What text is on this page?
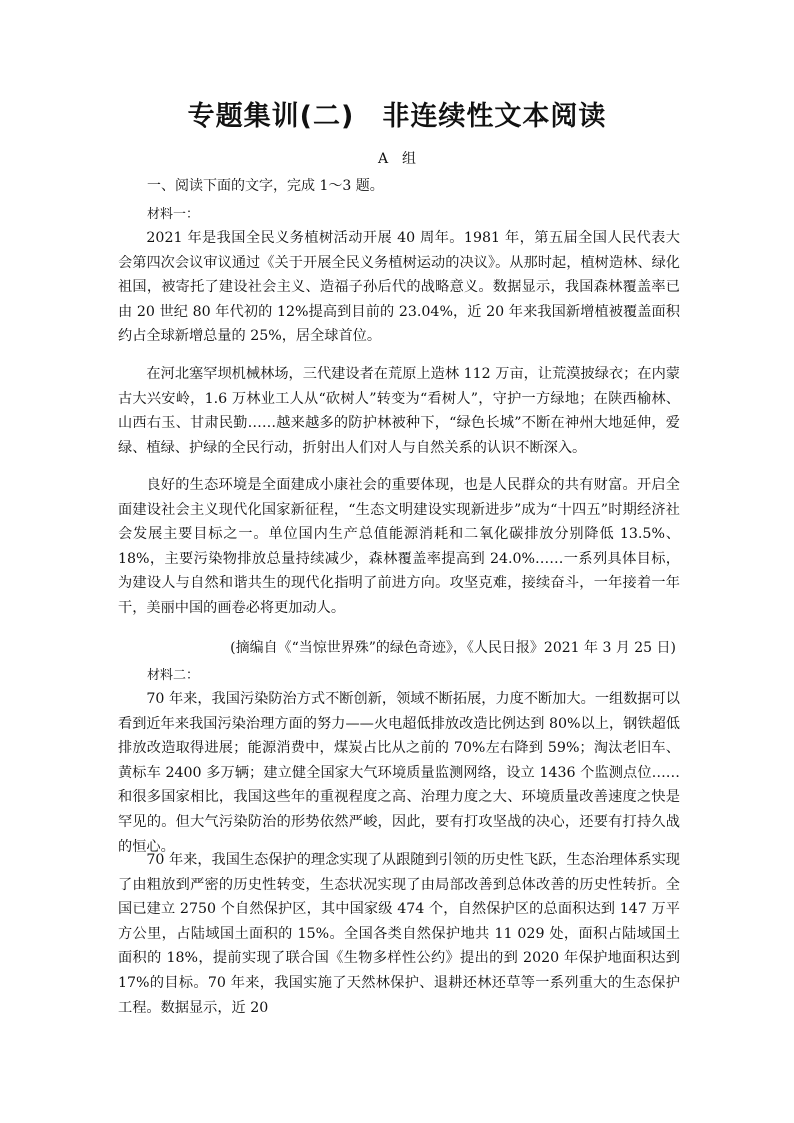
专题集训(二)　非连续性文本阅读
A　组
一、阅读下面的文字，完成 1～3 题。
材料一：

2021 年是我国全民义务植树活动开展 40 周年。1981 年，第五届全国人民代表大会第四次会议审议通过《关于开展全民义务植树运动的决议》。从那时起，植树造林、绿化祖国，被寄托了建设社会主义、造福子孙后代的战略意义。数据显示，我国森林覆盖率已由 20 世纪 80 年代初的 12%提高到目前的 23.04%，近 20 年来我国新增植被覆盖面积约占全球新增总量的 25%，居全球首位。

在河北塞罕坝机械林场，三代建设者在荒原上造林 112 万亩，让荒漠披绿衣；在内蒙古大兴安岭，1.6 万林业工人从“砍树人”转变为“看树人”，守护一方绿地；在陕西榆林、山西右玉、甘肃民勤……越来越多的防护林被种下，“绿色长城”不断在神州大地延伸，爱绿、植绿、护绿的全民行动，折射出人们对人与自然关系的认识不断深入。

良好的生态环境是全面建成小康社会的重要体现，也是人民群众的共有财富。开启全面建设社会主义现代化国家新征程，“生态文明建设实现新进步”成为“十四五”时期经济社会发展主要目标之一。单位国内生产总值能源消耗和二氧化碳排放分别降低 13.5%、18%，主要污染物排放总量持续减少，森林覆盖率提高到 24.0%……一系列具体目标，为建设人与自然和谐共生的现代化指明了前进方向。攻坚克难，接续奋斗，一年接着一年干，美丽中国的画卷必将更加动人。

(摘编自《“当惊世界殊”的绿色奇迹》，《人民日报》2021 年 3 月 25 日)
材料二：

70 年来，我国污染防治方式不断创新，领域不断拓展，力度不断加大。一组数据可以看到近年来我国污染治理方面的努力——火电超低排放改造比例达到 80%以上，钢铁超低排放改造取得进展；能源消费中，煤炭占比从之前的 70%左右降到 59%；淘汰老旧车、黄标车 2400 多万辆；建立健全国家大气环境质量监测网络，设立 1436 个监测点位……和很多国家相比，我国这些年的重视程度之高、治理力度之大、环境质量改善速度之快是罕见的。但大气污染防治的形势依然严峻，因此，要有打攻坚战的决心，还要有打持久战的恒心。

70 年来，我国生态保护的理念实现了从跟随到引领的历史性飞跃，生态治理体系实现了由粗放到严密的历史性转变，生态状况实现了由局部改善到总体改善的历史性转折。全国已建立 2750 个自然保护区，其中国家级 474 个，自然保护区的总面积达到 147 万平方公里，占陆域国土面积的 15%。全国各类自然保护地共 11 029 处，面积占陆域国土面积的 18%，提前实现了联合国《生物多样性公约》提出的到 2020 年保护地面积达到 17%的目标。70 年来，我国实施了天然林保护、退耕还林还草等一系列重大的生态保护工程。数据显示，近 20
